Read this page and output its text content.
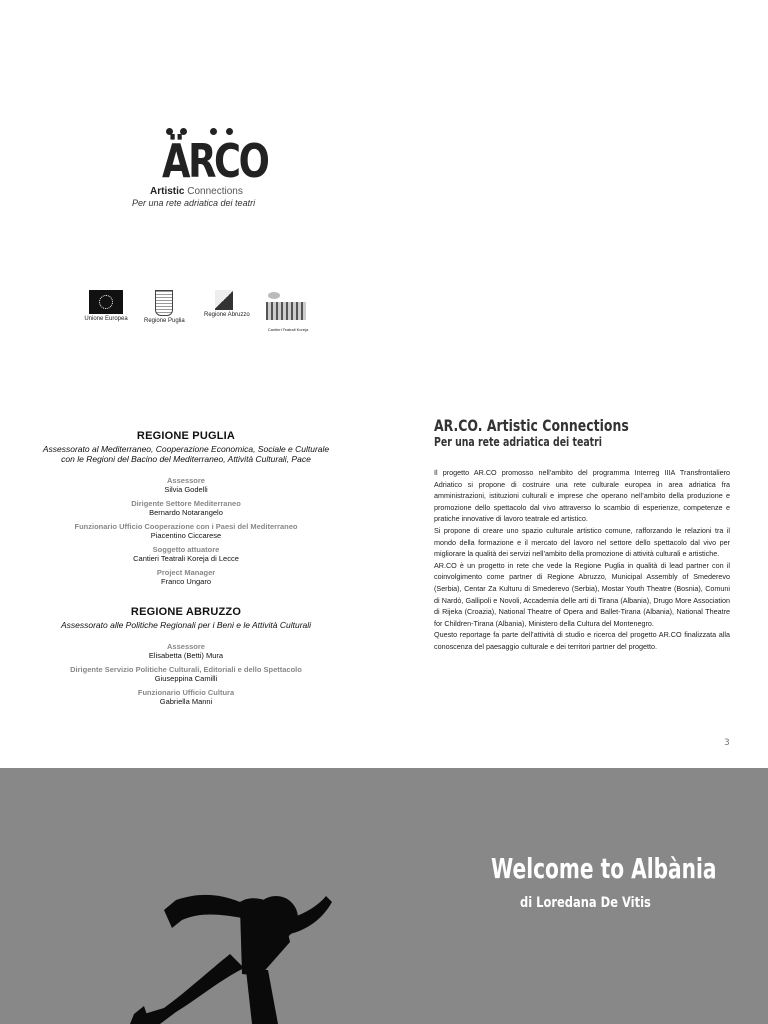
ÄRCO
Artistic Connections
Per una rete adriatica dei teatri
Unione Europea	Regione Puglia
Regione Abruzzo
Cantieri Teatrali Koreja
REGIONE PUGLIA

Assessorato al Mediterraneo, Cooperazione Economica, Sociale e Culturale
con le Regioni del Bacino del Mediterraneo, Attività Culturali, Pace

Assessore
Silvia Godelli
Dirigente Settore Mediterraneo
Bernardo Notarangelo
Funzionario Ufficio Cooperazione con i Paesi del Mediterraneo
Piacentino Ciccarese
Soggetto attuatore
Cantieri Teatrali Koreja di Lecce
Project Manager
Franco Ungaro
REGIONE ABRUZZO

Assessorato alle Politiche Regionali per i Beni e le Attività Culturali

Assessore
Elisabetta (Betti) Mura
Dirigente Servizio Politiche Culturali, Editoriali e dello Spettacolo
Giuseppina Camilli
Funzionario Ufficio Cultura
Gabriella Manni
AR.CO. Artistic Connections
Per una rete adriatica dei teatri

Il progetto AR.CO promosso nell’ambito del programma Interreg IIIA Transfrontaliero Adriatico si propone di costruire una rete culturale europea in area adriatica fra amministrazioni, istituzioni culturali e imprese che operano nell’ambito della produzione e promozione dello spettacolo dal vivo attraverso lo scambio di esperienze, competenze e pratiche innovative di lavoro teatrale ed artistico.

Si propone di creare uno spazio culturale artistico comune, rafforzando le relazioni tra il mondo della formazione e il mercato del lavoro nel settore dello spettacolo dal vivo per migliorare la qualità dei servizi nell’ambito della promozione di attività culturali e artistiche.

AR.CO è un progetto in rete che vede la Regione Puglia in qualità di lead partner con il coinvolgimento come partner di Regione Abruzzo, Municipal Assembly of Smederevo (Serbia), Centar Za Kulturu di Smederevo (Serbia), Mostar Youth Theatre (Bosnia), Comuni di Nardò, Gallipoli e Novoli, Accademia delle arti di Tirana (Albania), Drugo More Association di Rijeka (Croazia), National Theatre of Opera and Ballet-Tirana (Albania), National Theatre for Children-Tirana (Albania), Ministero della Cultura del Montenegro.

Questo reportage fa parte dell’attività di studio e ricerca del progetto AR.CO finalizzata alla conoscenza del paesaggio culturale e dei territori partner del progetto.

3
Welcome to Albània
di Loredana De Vitis
